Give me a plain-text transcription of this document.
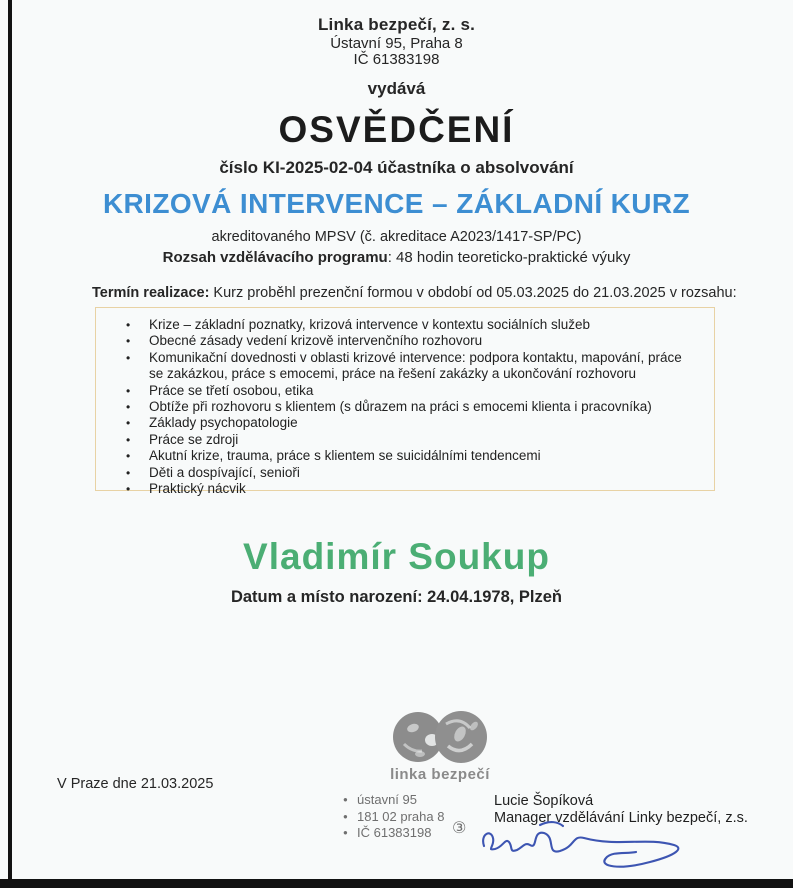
Linka bezpečí, z. s.
Ústavní 95, Praha 8
IČ 61383198
vydává
OSVĚDČENÍ
číslo KI-2025-02-04 účastníka o absolvování
KRIZOVÁ INTERVENCE – ZÁKLADNÍ KURZ
akreditovaného MPSV (č. akreditace A2023/1417-SP/PC)
Rozsah vzdělávacího programu: 48 hodin teoreticko-praktické výuky
Termín realizace: Kurz proběhl prezenční formou v období od 05.03.2025 do 21.03.2025 v rozsahu:
•	Krize – základní poznatky, krizová intervence v kontextu sociálních služeb
•	Obecné zásady vedení krizově intervenčního rozhovoru
•	Komunikační dovednosti v oblasti krizové intervence: podpora kontaktu, mapování, práce se zakázkou, práce s emocemi, práce na řešení zakázky a ukončování rozhovoru
•	Práce se třetí osobou, etika
•	Obtíže při rozhovoru s klientem (s důrazem na práci s emocemi klienta i pracovníka)
•	Základy psychopatologie
•	Práce se zdroji
•	Akutní krize, trauma, práce s klientem se suicidálními tendencemi
•	Děti a dospívající, senioři
•	Praktický nácvik
Vladimír Soukup
Datum a místo narození: 24.04.1978, Plzeň
V Praze dne 21.03.2025
linka bezpečí
● ústavní 95
● 181 02 praha 8
● IČ 61383198 ③
Lucie Šopíková
Manager vzdělávání Linky bezpečí, z.s.
